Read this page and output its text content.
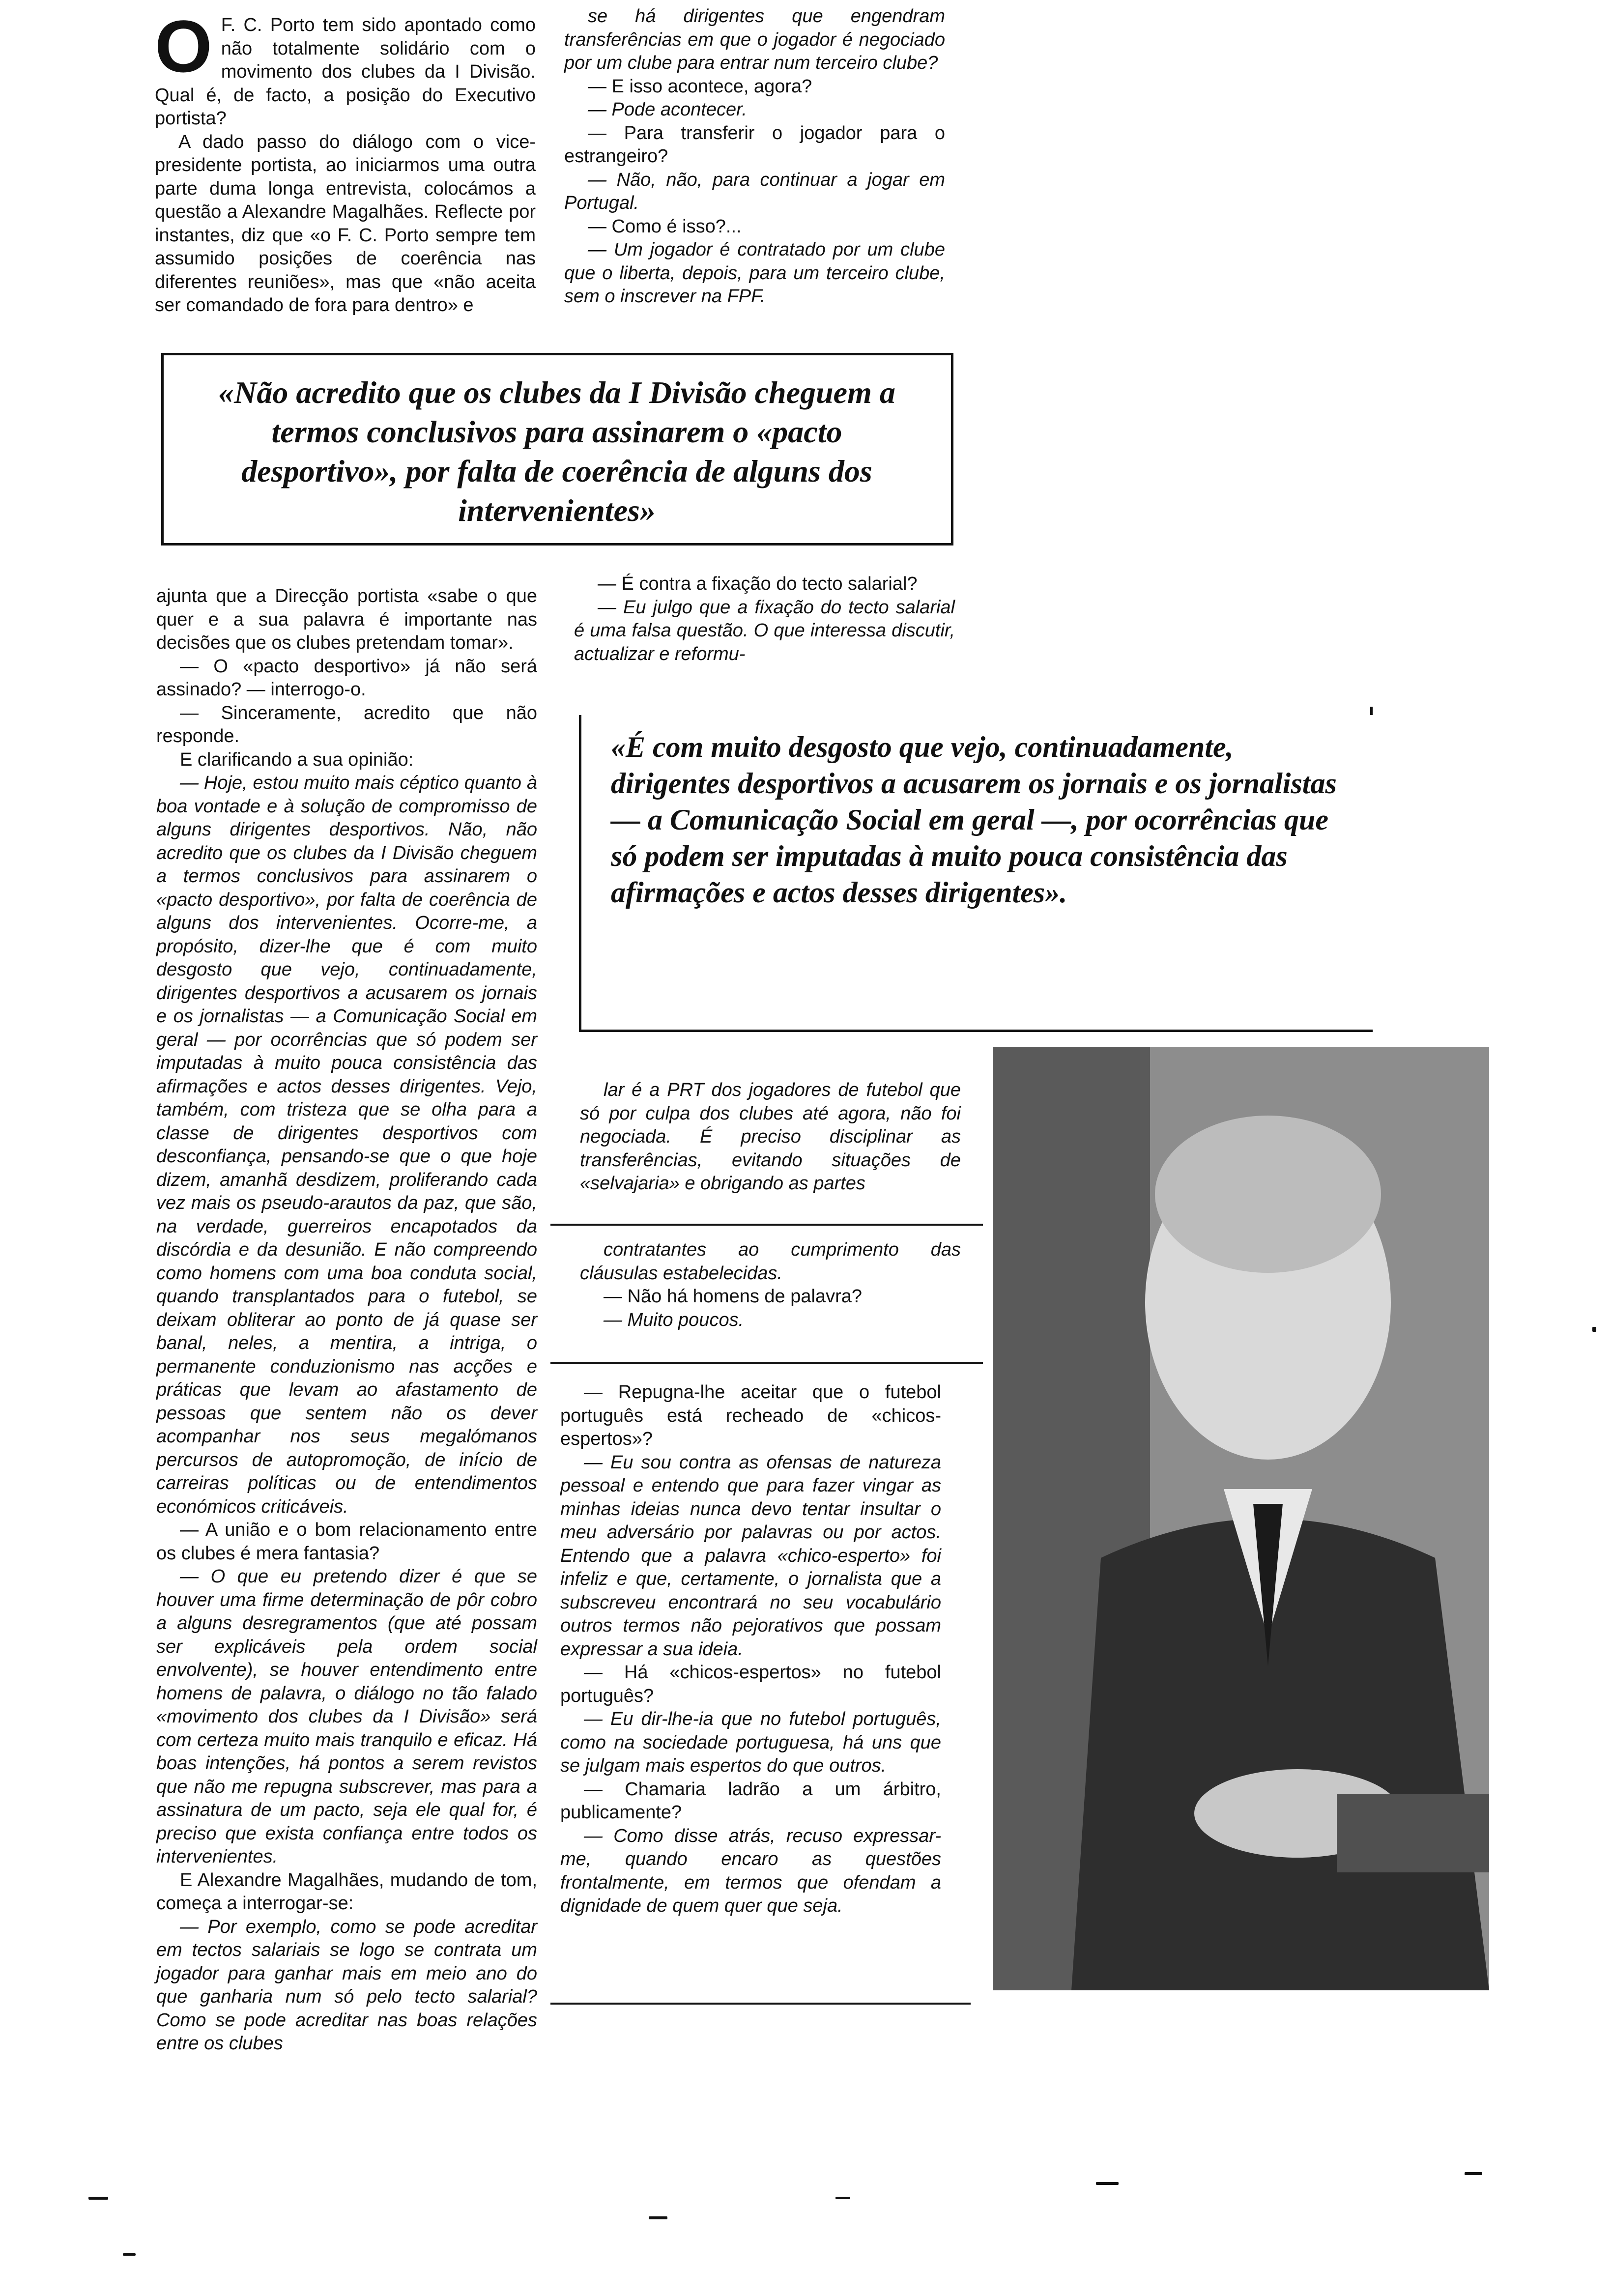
O F. C. Porto tem sido apontado como não totalmente solidário com o movimento dos clubes da I Divisão. Qual é, de facto, a posição do Executivo portista?

A dado passo do diálogo com o vice-presidente portista, ao iniciarmos uma outra parte duma longa entrevista, colocámos a questão a Alexandre Magalhães. Reflecte por instantes, diz que «o F. C. Porto sempre tem assumido posições de coerência nas diferentes reuniões», mas que «não aceita ser comandado de fora para dentro» e

se há dirigentes que engendram transferências em que o jogador é negociado por um clube para entrar num terceiro clube?

— E isso acontece, agora?

— Pode acontecer.

— Para transferir o jogador para o estrangeiro?

— Não, não, para continuar a jogar em Portugal.

— Como é isso?...

— Um jogador é contratado por um clube que o liberta, depois, para um terceiro clube, sem o inscrever na FPF.

«Não acredito que os clubes da I Divisão cheguem a termos conclusivos para assinarem o «pacto desportivo», por falta de coerência de alguns dos intervenientes»

ajunta que a Direcção portista «sabe o que quer e a sua palavra é importante nas decisões que os clubes pretendam tomar».

— O «pacto desportivo» já não será assinado? — interrogo-o.

— Sinceramente, acredito que não responde.

E clarificando a sua opinião:

— Hoje, estou muito mais céptico quanto à boa vontade e à solução de compromisso de alguns dirigentes desportivos. Não, não acredito que os clubes da I Divisão cheguem a termos conclusivos para assinarem o «pacto desportivo», por falta de coerência de alguns dos intervenientes. Ocorre-me, a propósito, dizer-lhe que é com muito desgosto que vejo, continuadamente, dirigentes desportivos a acusarem os jornais e os jornalistas — a Comunicação Social em geral — por ocorrências que só podem ser imputadas à muito pouca consistência das afirmações e actos desses dirigentes. Vejo, também, com tristeza que se olha para a classe de dirigentes desportivos com desconfiança, pensando-se que o que hoje dizem, amanhã desdizem, proliferando cada vez mais os pseudo-arautos da paz, que são, na verdade, guerreiros encapotados da discórdia e da desunião. E não compreendo como homens com uma boa conduta social, quando transplantados para o futebol, se deixam obliterar ao ponto de já quase ser banal, neles, a mentira, a intriga, o permanente conduzionismo nas acções e práticas que levam ao afastamento de pessoas que sentem não os dever acompanhar nos seus megalómanos percursos de autopromoção, de início de carreiras políticas ou de entendimentos económicos criticáveis.

— A união e o bom relacionamento entre os clubes é mera fantasia?

— O que eu pretendo dizer é que se houver uma firme determinação de pôr cobro a alguns desregramentos (que até possam ser explicáveis pela ordem social envolvente), se houver entendimento entre homens de palavra, o diálogo no tão falado «movimento dos clubes da I Divisão» será com certeza muito mais tranquilo e eficaz. Há boas intenções, há pontos a serem revistos que não me repugna subscrever, mas para a assinatura de um pacto, seja ele qual for, é preciso que exista confiança entre todos os intervenientes.

E Alexandre Magalhães, mudando de tom, começa a interrogar-se:

— Por exemplo, como se pode acreditar em tectos salariais se logo se contrata um jogador para ganhar mais em meio ano do que ganharia num só pelo tecto salarial? Como se pode acreditar nas boas relações entre os clubes

— É contra a fixação do tecto salarial?

— Eu julgo que a fixação do tecto salarial é uma falsa questão. O que interessa discutir, actualizar e reformu-

«É com muito desgosto que vejo, continuadamente, dirigentes desportivos a acusarem os jornais e os jornalistas — a Comunicação Social em geral —, por ocorrências que só podem ser imputadas à muito pouca consistência das afirmações e actos desses dirigentes».

lar é a PRT dos jogadores de futebol que só por culpa dos clubes até agora, não foi negociada. É preciso disciplinar as transferências, evitando situações de «selvajaria» e obrigando as partes

contratantes ao cumprimento das cláusulas estabelecidas.

— Não há homens de palavra?

— Muito poucos.

— Repugna-lhe aceitar que o futebol português está recheado de «chicos-espertos»?

— Eu sou contra as ofensas de natureza pessoal e entendo que para fazer vingar as minhas ideias nunca devo tentar insultar o meu adversário por palavras ou por actos. Entendo que a palavra «chico-esperto» foi infeliz e que, certamente, o jornalista que a subscreveu encontrará no seu vocabulário outros termos não pejorativos que possam expressar a sua ideia.

— Há «chicos-espertos» no futebol português?

— Eu dir-lhe-ia que no futebol português, como na sociedade portuguesa, há uns que se julgam mais espertos do que outros.

— Chamaria ladrão a um árbitro, publicamente?

— Como disse atrás, recuso expressar-me, quando encaro as questões frontalmente, em termos que ofendam a dignidade de quem quer que seja.
